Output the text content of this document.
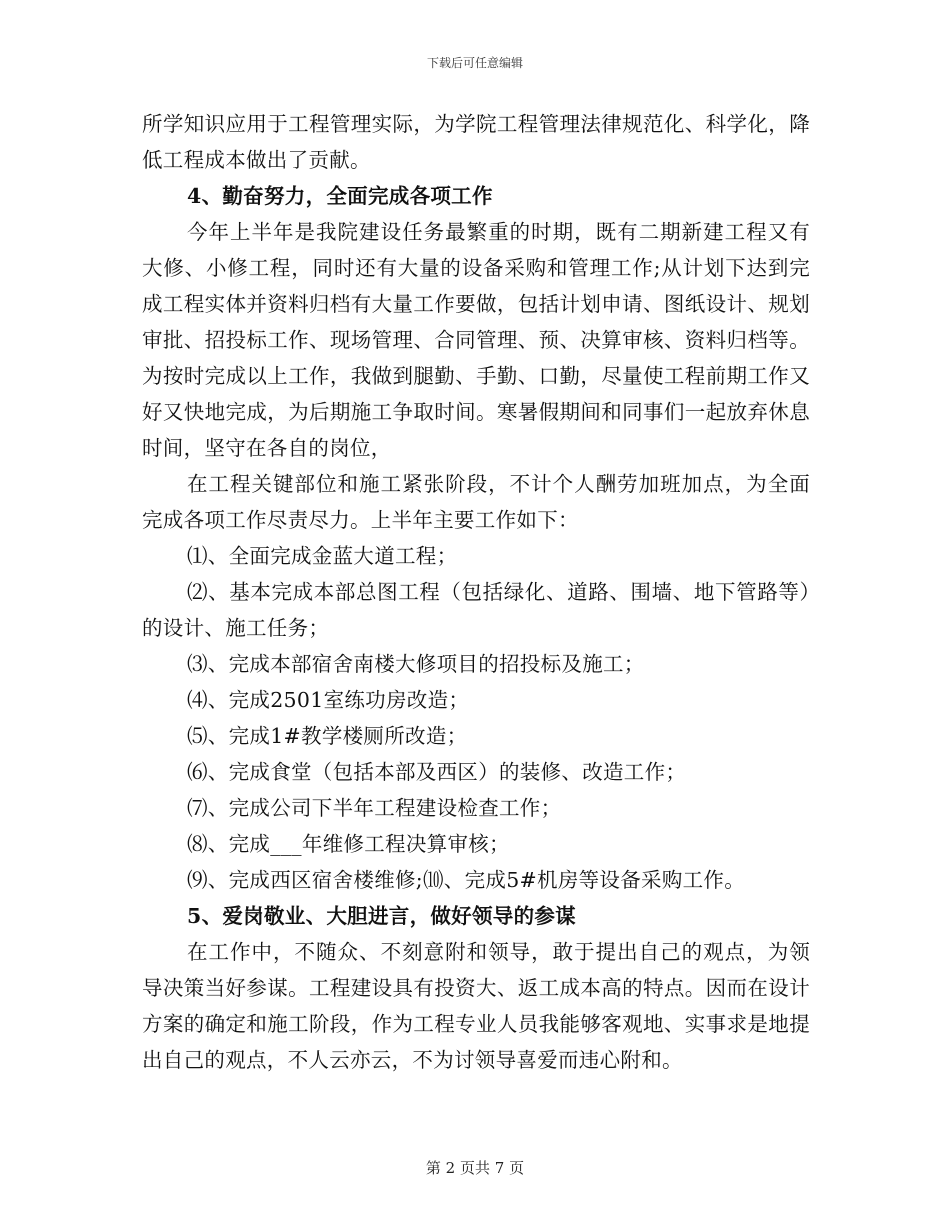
下载后可任意编辑

所学知识应用于工程管理实际，为学院工程管理法律规范化、科学化，降低工程成本做出了贡献。

4、勤奋努力，全面完成各项工作

今年上半年是我院建设任务最繁重的时期，既有二期新建工程又有大修、小修工程，同时还有大量的设备采购和管理工作;从计划下达到完成工程实体并资料归档有大量工作要做，包括计划申请、图纸设计、规划审批、招投标工作、现场管理、合同管理、预、决算审核、资料归档等。为按时完成以上工作，我做到腿勤、手勤、口勤，尽量使工程前期工作又好又快地完成，为后期施工争取时间。寒暑假期间和同事们一起放弃休息时间，坚守在各自的岗位，

在工程关键部位和施工紧张阶段，不计个人酬劳加班加点，为全面完成各项工作尽责尽力。上半年主要工作如下：

⑴、全面完成金蓝大道工程；

⑵、基本完成本部总图工程（包括绿化、道路、围墙、地下管路等）的设计、施工任务；

⑶、完成本部宿舍南楼大修项目的招投标及施工；

⑷、完成2501室练功房改造；

⑸、完成1#教学楼厕所改造；

⑹、完成食堂（包括本部及西区）的装修、改造工作；

⑺、完成公司下半年工程建设检查工作；

⑻、完成___年维修工程决算审核；

⑼、完成西区宿舍楼维修;⑽、完成5#机房等设备采购工作。

5、爱岗敬业、大胆进言，做好领导的参谋

在工作中，不随众、不刻意附和领导，敢于提出自己的观点，为领导决策当好参谋。工程建设具有投资大、返工成本高的特点。因而在设计方案的确定和施工阶段，作为工程专业人员我能够客观地、实事求是地提出自己的观点，不人云亦云，不为讨领导喜爱而违心附和。

第 2 页共 7 页
